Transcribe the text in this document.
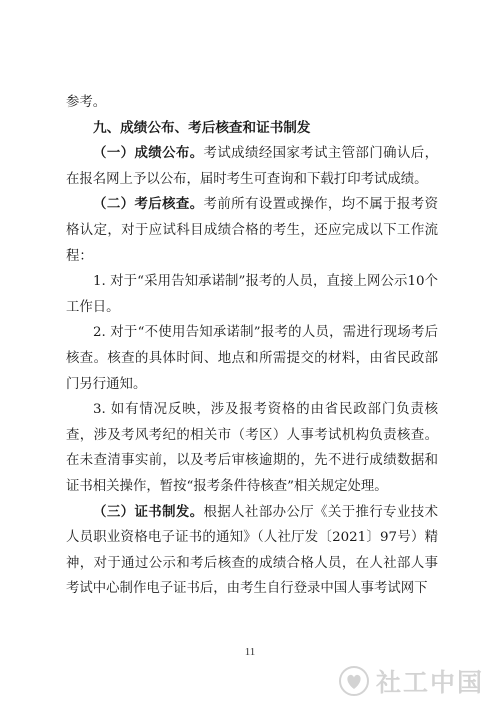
参考。

九、成绩公布、考后核查和证书制发

（一）成绩公布。考试成绩经国家考试主管部门确认后，在报名网上予以公布，届时考生可查询和下载打印考试成绩。

（二）考后核查。考前所有设置或操作，均不属于报考资格认定，对于应试科目成绩合格的考生，还应完成以下工作流程：

1. 对于“采用告知承诺制”报考的人员，直接上网公示10个工作日。

2. 对于“不使用告知承诺制”报考的人员，需进行现场考后核查。核查的具体时间、地点和所需提交的材料，由省民政部门另行通知。

3. 如有情况反映，涉及报考资格的由省民政部门负责核查，涉及考风考纪的相关市（考区）人事考试机构负责核查。在未查清事实前，以及考后审核逾期的，先不进行成绩数据和证书相关操作，暂按“报考条件待核查”相关规定处理。

（三）证书制发。根据人社部办公厅《关于推行专业技术人员职业资格电子证书的通知》（人社厅发〔2021〕97号）精神，对于通过公示和考后核查的成绩合格人员，在人社部人事考试中心制作电子证书后，由考生自行登录中国人事考试网下

11
社工中国
